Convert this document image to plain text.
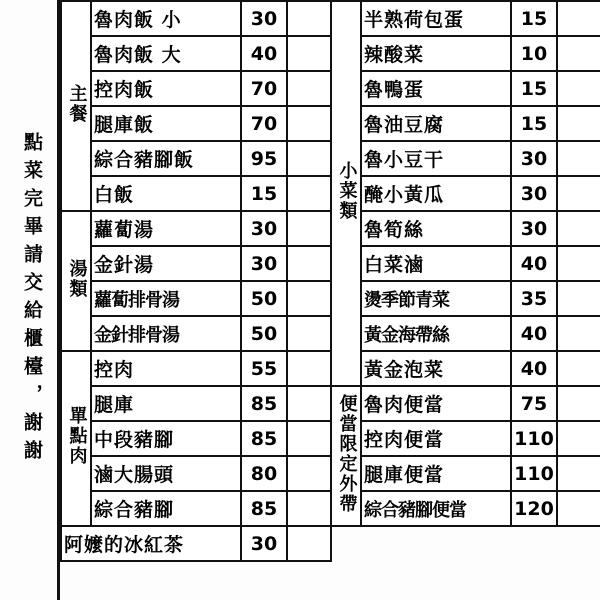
點菜完畢請交給櫃檯，謝謝
主餐	魯肉飯 小	30	
	魯肉飯 大	40	
	控肉飯	70	
	腿庫飯	70	
	綜合豬腳飯	95	
	白飯	15	
湯類	蘿蔔湯	30	
	金針湯	30	
	蘿蔔排骨湯	50	
	金針排骨湯	50	
單點肉	控肉	55	
	腿庫	85	
	中段豬腳	85	
	滷大腸頭	80	
	綜合豬腳	85	
阿嬤的冰紅茶		30	
小菜類	半熟荷包蛋	15	
	辣酸菜	10	
	魯鴨蛋	15	
	魯油豆腐	15	
	魯小豆干	30	
	醃小黃瓜	30	
	魯筍絲	30	
	白菜滷	40	
	燙季節青菜	35	
	黃金海帶絲	40	
	黃金泡菜	40	
便當限定外帶	魯肉便當	75	
	控肉便當	110	
	腿庫便當	110	
	綜合豬腳便當	120	
